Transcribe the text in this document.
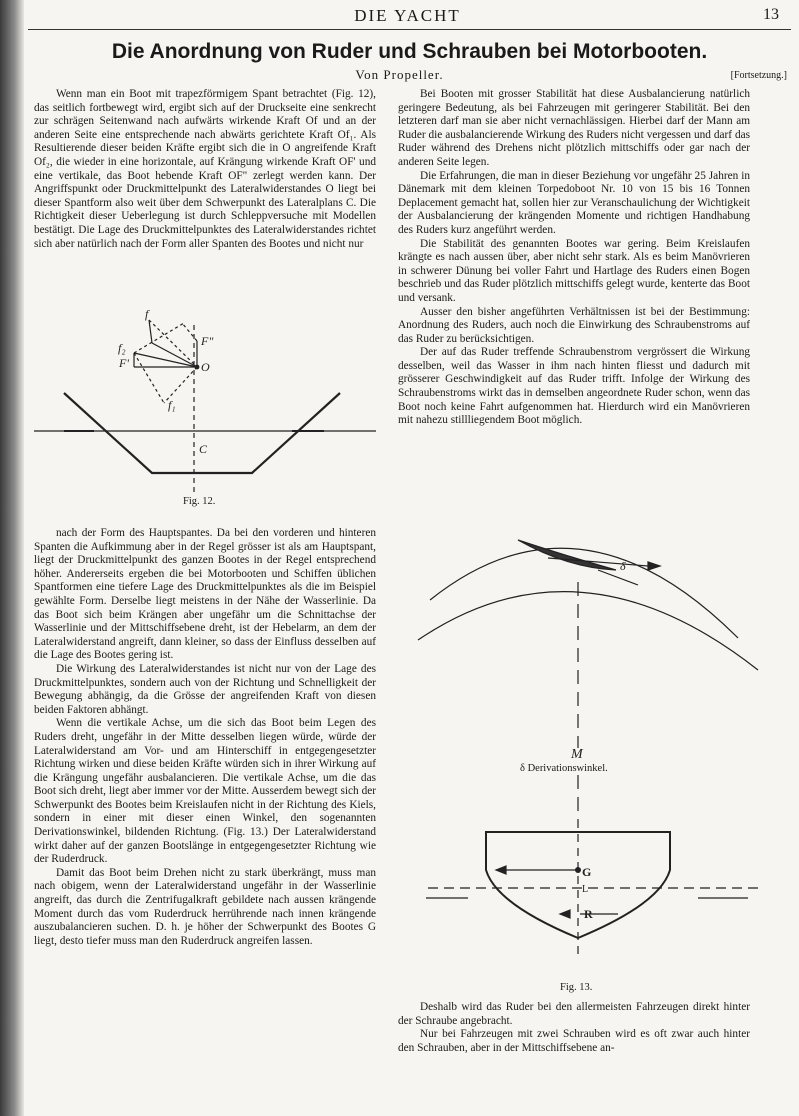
DIE YACHT	13
Die Anordnung von Ruder und Schrauben bei Motorbooten.
Von Propeller.	[Fortsetzung.]

Wenn man ein Boot mit trapezförmigem Spant betrachtet (Fig. 12), das seitlich fortbewegt wird, ergibt sich auf der Druckseite eine senkrecht zur schrägen Seitenwand nach aufwärts wirkende Kraft Of und an der anderen Seite eine entsprechende nach abwärts gerichtete Kraft Of₁. Als Resultierende dieser beiden Kräfte ergibt sich die in O angreifende Kraft Of₂, die wieder in eine horizontale, auf Krängung wirkende Kraft OF' und eine vertikale, das Boot hebende Kraft OF" zerlegt werden kann. Der Angriffspunkt oder Druckmittelpunkt des Lateralwiderstandes O liegt bei dieser Spantform also weit über dem Schwerpunkt des Lateralplans C. Die Richtigkeit dieser Ueberlegung ist durch Schleppversuche mit Modellen bestätigt. Die Lage des Druckmittelpunktes des Lateralwiderstandes richtet sich aber natürlich nach der Form aller Spanten des Bootes und nicht nur

f
f₂
F'	O
F"
f₁
C
Fig. 12.

nach der Form des Hauptspantes. Da bei den vorderen und hinteren Spanten die Aufkimmung aber in der Regel grösser ist als am Hauptspant, liegt der Druckmittelpunkt des ganzen Bootes in der Regel entsprechend höher. Andererseits ergeben die bei Motorbooten und Schiffen üblichen Spantformen eine tiefere Lage des Druckmittelpunktes als die im Beispiel gewählte Form. Derselbe liegt meistens in der Nähe der Wasserlinie. Da das Boot sich beim Krängen aber ungefähr um die Schnittachse der Wasserlinie und der Mittschiffsebene dreht, ist der Hebelarm, an dem der Lateralwiderstand angreift, dann kleiner, so dass der Einfluss desselben auf die Lage des Bootes gering ist.

Die Wirkung des Lateralwiderstandes ist nicht nur von der Lage des Druckmittelpunktes, sondern auch von der Richtung und Schnelligkeit der Bewegung abhängig, da die Grösse der angreifenden Kraft von diesen beiden Faktoren abhängt.

Wenn die vertikale Achse, um die sich das Boot beim Legen des Ruders dreht, ungefähr in der Mitte desselben liegen würde, würde der Lateralwiderstand am Vor- und am Hinterschiff in entgegengesetzter Richtung wirken und diese beiden Kräfte würden sich in ihrer Wirkung auf die Krängung ungefähr ausbalancieren. Die vertikale Achse, um die das Boot sich dreht, liegt aber immer vor der Mitte. Ausserdem bewegt sich der Schwerpunkt des Bootes beim Kreislaufen nicht in der Richtung des Kiels, sondern in einer mit dieser einen Winkel, den sogenannten Derivationswinkel, bildenden Richtung. (Fig. 13.) Der Lateralwiderstand wirkt daher auf der ganzen Bootslänge in entgegengesetzter Richtung wie der Ruderdruck.

Damit das Boot beim Drehen nicht zu stark überkrängt, muss man nach obigem, wenn der Lateralwiderstand ungefähr in der Wasserlinie angreift, das durch die Zentrifugalkraft gebildete nach aussen krängende Moment durch das vom Ruderdruck herrührende nach innen krängende auszubalancieren suchen. D. h. je höher der Schwerpunkt des Bootes G liegt, desto tiefer muss man den Ruderdruck angreifen lassen.

Bei Booten mit grosser Stabilität hat diese Ausbalancierung natürlich geringere Bedeutung, als bei Fahrzeugen mit geringerer Stabilität. Bei den letzteren darf man sie aber nicht vernachlässigen. Hierbei darf der Mann am Ruder die ausbalancierende Wirkung des Ruders nicht vergessen und darf das Ruder während des Drehens nicht plötzlich mittschiffs oder gar nach der anderen Seite legen.

Die Erfahrungen, die man in dieser Beziehung vor ungefähr 25 Jahren in Dänemark mit dem kleinen Torpedoboot Nr. 10 von 15 bis 16 Tonnen Deplacement gemacht hat, sollen hier zur Veranschaulichung der Wichtigkeit der Ausbalancierung der krängenden Momente und richtigen Handhabung des Ruders kurz angeführt werden.

Die Stabilität des genannten Bootes war gering. Beim Kreislaufen krängte es nach aussen über, aber nicht sehr stark. Als es beim Manövrieren in schwerer Dünung bei voller Fahrt und Hartlage des Ruders einen Bogen beschrieb und das Ruder plötzlich mittschiffs gelegt wurde, kenterte das Boot und versank.

Ausser den bisher angeführten Verhältnissen ist bei der Bestimmung: Anordnung des Ruders, auch noch die Einwirkung des Schraubenstroms auf das Ruder zu berücksichtigen.

Der auf das Ruder treffende Schraubenstrom vergrössert die Wirkung desselben, weil das Wasser in ihm nach hinten fliesst und dadurch mit grösserer Geschwindigkeit auf das Ruder trifft. Infolge der Wirkung des Schraubenstroms wirkt das in demselben angeordnete Ruder schon, wenn das Boot noch keine Fahrt aufgenommen hat. Hierdurch wird ein Manövrieren mit nahezu stillliegendem Boot möglich.

δ
M
G
L
R
δ Derivationswinkel.
Fig. 13.

Deshalb wird das Ruder bei den allermeisten Fahrzeugen direkt hinter der Schraube angebracht.

Nur bei Fahrzeugen mit zwei Schrauben wird es oft zwar auch hinter den Schrauben, aber in der Mittschiffsebene an-
